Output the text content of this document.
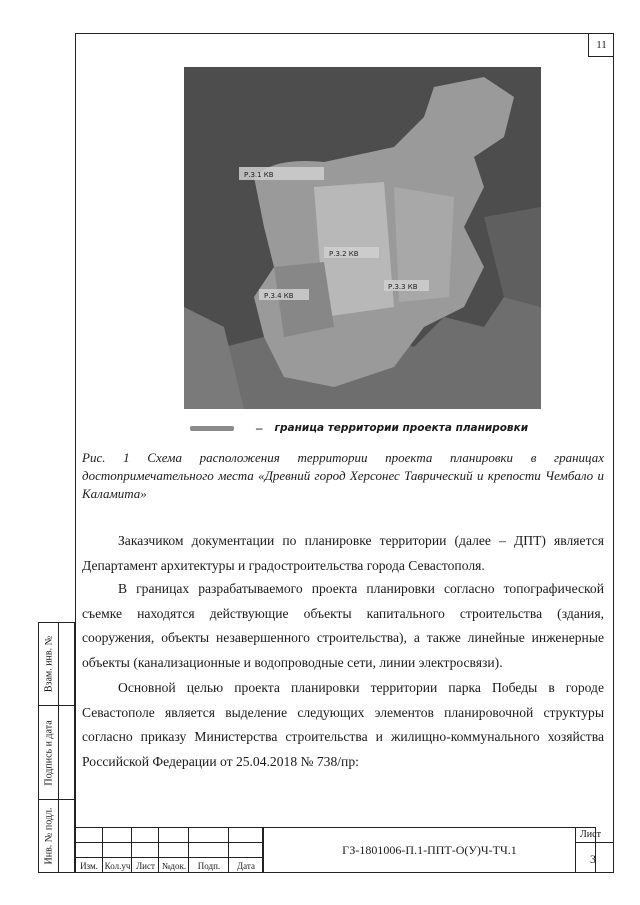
11
Р.3.1 КВ
Р.3.2 КВ
Р.3.4 КВ
Р.3.3 КВ
– граница территории проекта планировки
Рис. 1 Схема расположения территории проекта планировки в границах достопримечательного места «Древний город Херсонес Таврический и крепости Чембало и Каламита»
Заказчиком документации по планировке территории (далее – ДПТ) является Департамент архитектуры и градостроительства города Севастополя.
В границах разрабатываемого проекта планировки согласно топографической съемке находятся действующие объекты капитального строительства (здания, сооружения, объекты незавершенного строительства), а также линейные инженерные объекты (канализационные и водопроводные сети, линии электросвязи).
Основной целью проекта планировки территории парка Победы в городе Севастополе является выделение следующих элементов планировочной структуры согласно приказу Министерства строительства и жилищно-коммунального хозяйства Российской Федерации от 25.04.2018 № 738/пр:
Взам. инв. №
Подпись и дата
Инв. № подл.
Изм. Кол.уч Лист №док.	Подп.	Дата
ГЗ-1801006-П.1-ППТ-О(У)Ч-ТЧ.1
Лист
3
